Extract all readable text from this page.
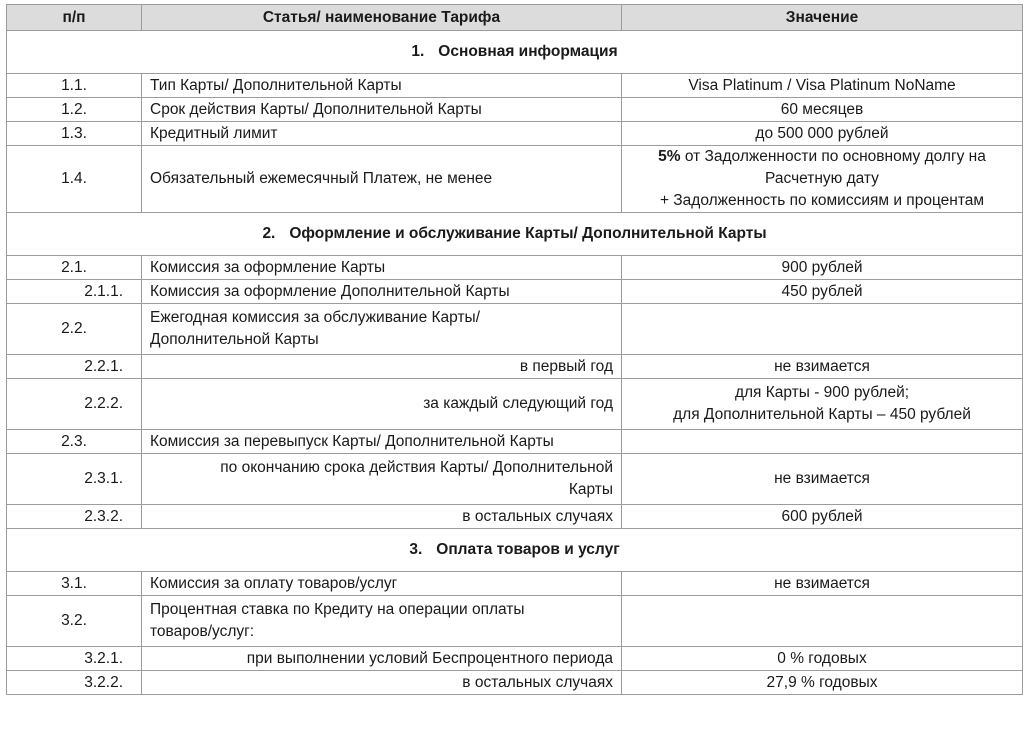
п/п	Статья/ наименование Тарифа	Значение
1. Основная информация		
1.1.	Тип Карты/ Дополнительной Карты	Visa Platinum / Visa Platinum NoName
1.2.	Срок действия Карты/ Дополнительной Карты	60 месяцев
1.3.	Кредитный лимит	до 500 000 рублей
1.4.	Обязательный ежемесячный Платеж, не менее	5% от Задолженности по основному долгу на
Расчетную дату
+ Задолженность по комиссиям и процентам
2. Оформление и обслуживание Карты/ Дополнительной Карты		
2.1.	Комиссия за оформление Карты	900 рублей
2.1.1.	Комиссия за оформление Дополнительной Карты	450 рублей
2.2.	Ежегодная комиссия за обслуживание Карты/
Дополнительной Карты	
2.2.1.	в первый год	не взимается
2.2.2.	за каждый следующий год	для Карты - 900 рублей;
для Дополнительной Карты – 450 рублей
2.3.	Комиссия за перевыпуск Карты/ Дополнительной Карты	
2.3.1.	по окончанию срока действия Карты/ Дополнительной
Карты	не взимается
2.3.2.	в остальных случаях	600 рублей
3. Оплата товаров и услуг		
3.1.	Комиссия за оплату товаров/услуг	не взимается
3.2.	Процентная ставка по Кредиту на операции оплаты
товаров/услуг:	
3.2.1.	при выполнении условий Беспроцентного периода	0 % годовых
3.2.2.	в остальных случаях	27,9 % годовых
